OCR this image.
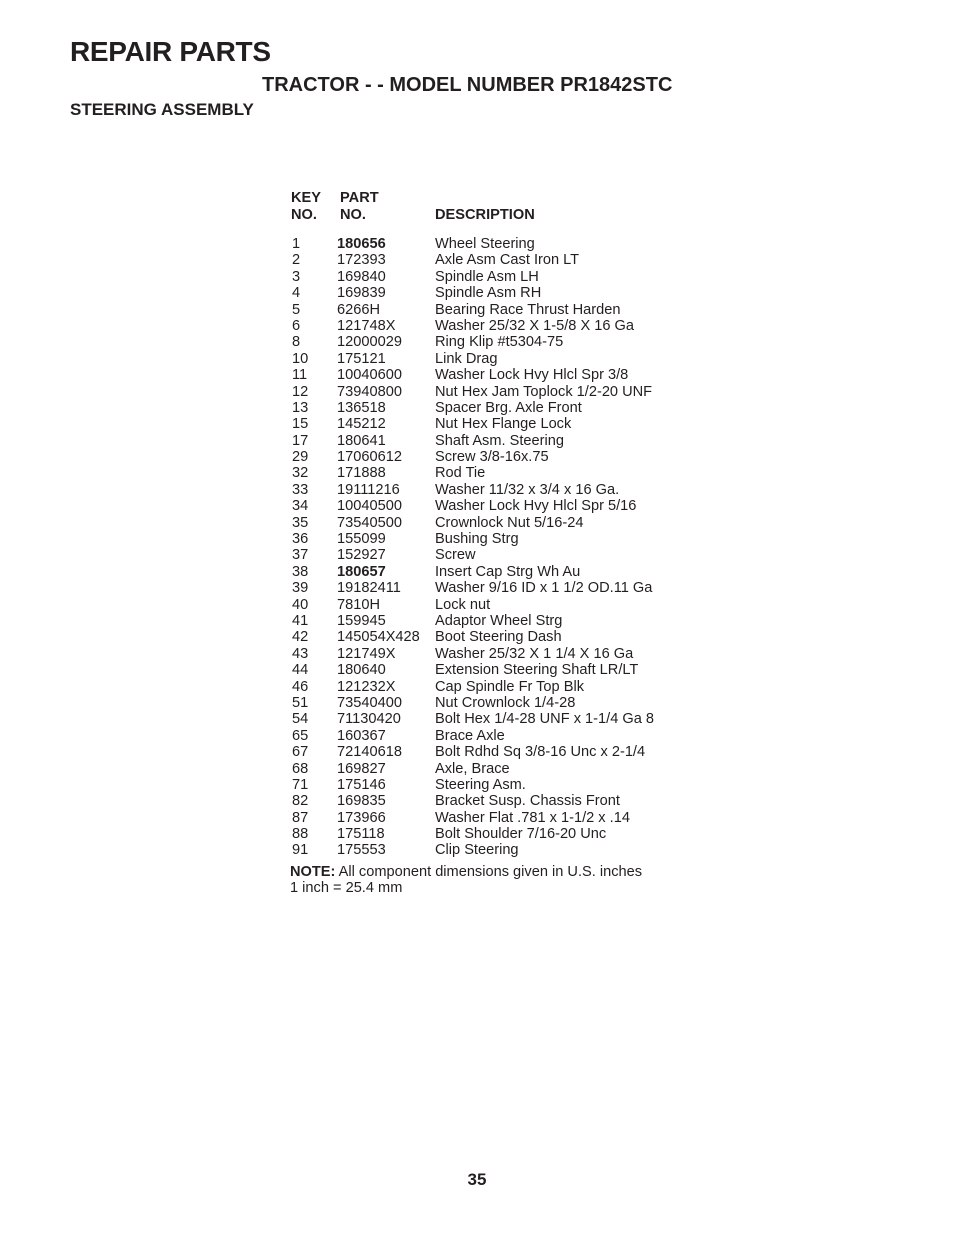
REPAIR PARTS
TRACTOR - - MODEL NUMBER PR1842STC
STEERING ASSEMBLY
KEY
NO.
PART
NO.	DESCRIPTION
1	180656	Wheel Steering
2	172393	Axle Asm Cast Iron LT
3	169840	Spindle Asm LH
4	169839	Spindle Asm RH
5	6266H	Bearing Race Thrust Harden
6	121748X	Washer 25/32 X 1-5/8 X 16 Ga
8	12000029 Ring Klip #t5304-75
10 175121	Link Drag
11 10040600 Washer Lock Hvy Hlcl Spr 3/8
12 73940800 Nut Hex Jam Toplock 1/2-20 UNF
13 136518	Spacer Brg. Axle Front
15 145212	Nut Hex Flange Lock
17 180641	Shaft Asm. Steering
29 17060612 Screw 3/8-16x.75
32 171888	Rod Tie
33 19111216 Washer 11/32 x 3/4 x 16 Ga.
34 10040500 Washer Lock Hvy Hlcl Spr 5/16
35 73540500 Crownlock Nut 5/16-24
36 155099	Bushing Strg
37 152927	Screw
38 180657	Insert Cap Strg Wh Au
39 19182411 Washer 9/16 ID x 1 1/2 OD.11 Ga
40 7810H	Lock nut
41 159945	Adaptor Wheel Strg
42 145054X428 Boot Steering Dash
43 121749X	Washer 25/32 X 1 1/4 X 16 Ga
44 180640	Extension Steering Shaft LR/LT
46 121232X	Cap Spindle Fr Top Blk
51 73540400 Nut Crownlock 1/4-28
54 71130420 Bolt Hex 1/4-28 UNF x 1-1/4 Ga 8
65 160367	Brace Axle
67 72140618 Bolt Rdhd Sq 3/8-16 Unc x 2-1/4
68 169827	Axle, Brace
71 175146	Steering Asm.
82 169835	Bracket Susp. Chassis Front
87 173966	Washer Flat .781 x 1-1/2 x .14
88 175118	Bolt Shoulder 7/16-20 Unc
91 175553	Clip Steering
NOTE: All component dimensions given in U.S. inches
1 inch = 25.4 mm
35
